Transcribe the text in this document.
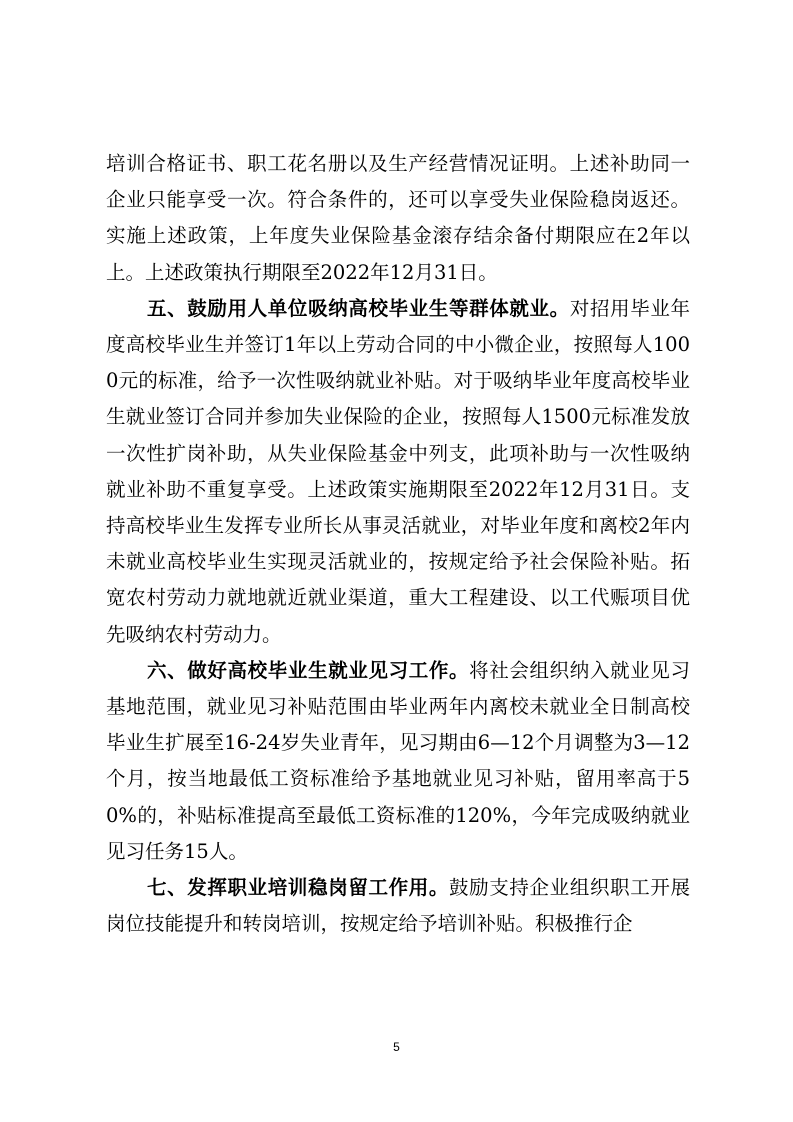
培训合格证书、职工花名册以及生产经营情况证明。上述补助同一企业只能享受一次。符合条件的，还可以享受失业保险稳岗返还。实施上述政策，上年度失业保险基金滚存结余备付期限应在2年以上。上述政策执行期限至2022年12月31日。

五、鼓励用人单位吸纳高校毕业生等群体就业。对招用毕业年度高校毕业生并签订1年以上劳动合同的中小微企业，按照每人1000元的标准，给予一次性吸纳就业补贴。对于吸纳毕业年度高校毕业生就业签订合同并参加失业保险的企业，按照每人1500元标准发放一次性扩岗补助，从失业保险基金中列支，此项补助与一次性吸纳就业补助不重复享受。上述政策实施期限至2022年12月31日。支持高校毕业生发挥专业所长从事灵活就业，对毕业年度和离校2年内未就业高校毕业生实现灵活就业的，按规定给予社会保险补贴。拓宽农村劳动力就地就近就业渠道，重大工程建设、以工代赈项目优先吸纳农村劳动力。

六、做好高校毕业生就业见习工作。将社会组织纳入就业见习基地范围，就业见习补贴范围由毕业两年内离校未就业全日制高校毕业生扩展至16-24岁失业青年，见习期由6—12个月调整为3—12个月，按当地最低工资标准给予基地就业见习补贴，留用率高于50%的，补贴标准提高至最低工资标准的120%，今年完成吸纳就业见习任务15人。

七、发挥职业培训稳岗留工作用。鼓励支持企业组织职工开展岗位技能提升和转岗培训，按规定给予培训补贴。积极推行企

5
